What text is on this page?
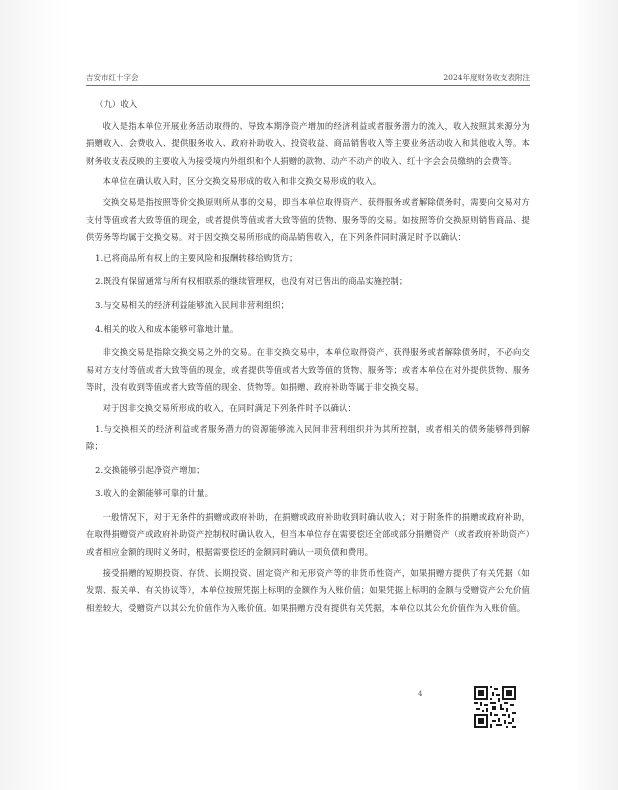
吉安市红十字会	2024年度财务收支表附注

（九）收入

收入是指本单位开展业务活动取得的、导致本期净资产增加的经济利益或者服务潜力的流入，收入按照其来源分为捐赠收入、会费收入、提供服务收入、政府补助收入、投资收益、商品销售收入等主要业务活动收入和其他收入等。本财务收支表反映的主要收入为接受境内外组织和个人捐赠的款物、动产不动产的收入、红十字会会员缴纳的会费等。

本单位在确认收入时，区分交换交易形成的收入和非交换交易形成的收入。

交换交易是指按照等价交换原则所从事的交易，即当本单位取得资产、获得服务或者解除债务时，需要向交易对方支付等值或者大致等值的现金，或者提供等值或者大致等值的货物、服务等的交易。如按照等价交换原则销售商品、提供劳务等均属于交换交易。对于因交换交易所形成的商品销售收入，在下列条件同时满足时予以确认：

1.已将商品所有权上的主要风险和报酬转移给购货方；

2.既没有保留通常与所有权相联系的继续管理权，也没有对已售出的商品实施控制；

3.与交易相关的经济利益能够流入民间非营利组织；

4.相关的收入和成本能够可靠地计量。

非交换交易是指除交换交易之外的交易。在非交换交易中，本单位取得资产、获得服务或者解除债务时，不必向交易对方支付等值或者大致等值的现金，或者提供等值或者大致等值的货物、服务等；或者本单位在对外提供货物、服务等时，没有收到等值或者大致等值的现金、货物等。如捐赠、政府补助等属于非交换交易。

对于因非交换交易所形成的收入，在同时满足下列条件时予以确认：

1.与交换相关的经济利益或者服务潜力的资源能够流入民间非营利组织并为其所控制，或者相关的债务能够得到解除；

2.交换能够引起净资产增加；

3.收入的金额能够可靠的计量。

一般情况下，对于无条件的捐赠或政府补助，在捐赠或政府补助收到时确认收入；对于附条件的捐赠或政府补助，在取得捐赠资产或政府补助资产控制权时确认收入，但当本单位存在需要偿还全部或部分捐赠资产（或者政府补助资产）或者相应金额的现时义务时，根据需要偿还的金额同时确认一项负债和费用。

接受捐赠的短期投资、存货、长期投资、固定资产和无形资产等的非货币性资产，如果捐赠方提供了有关凭据（如发票、报关单、有关协议等），本单位按照凭据上标明的金额作为入账价值；如果凭据上标明的金额与受赠资产公允价值相差较大，受赠资产以其公允价值作为入账价值。如果捐赠方没有提供有关凭据，本单位以其公允价值作为入账价值。

4
